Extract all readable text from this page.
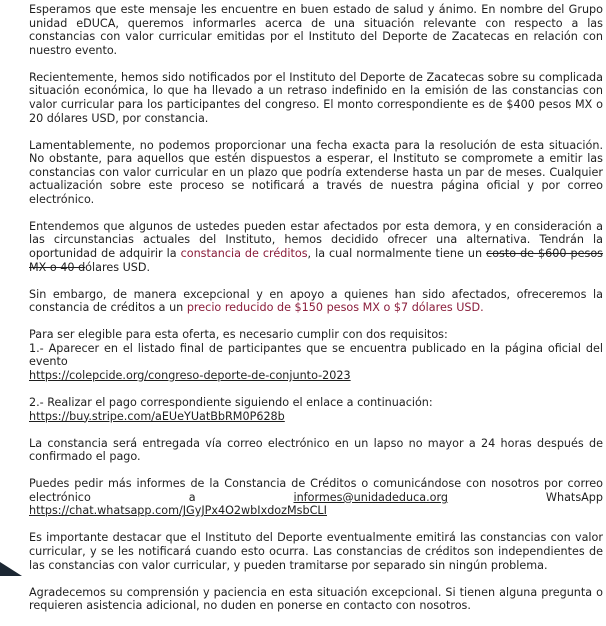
Esperamos que este mensaje les encuentre en buen estado de salud y ánimo. En nombre del Grupo unidad eDUCA, queremos informarles acerca de una situación relevante con respecto a las constancias con valor curricular emitidas por el Instituto del Deporte de Zacatecas en relación con nuestro evento.

Recientemente, hemos sido notificados por el Instituto del Deporte de Zacatecas sobre su complicada situación económica, lo que ha llevado a un retraso indefinido en la emisión de las constancias con valor curricular para los participantes del congreso. El monto correspondiente es de $400 pesos MX o 20 dólares USD, por constancia.

Lamentablemente, no podemos proporcionar una fecha exacta para la resolución de esta situación. No obstante, para aquellos que estén dispuestos a esperar, el Instituto se compromete a emitir las constancias con valor curricular en un plazo que podría extenderse hasta un par de meses. Cualquier actualización sobre este proceso se notificará a través de nuestra página oficial y por correo electrónico.

Entendemos que algunos de ustedes pueden estar afectados por esta demora, y en consideración a las circunstancias actuales del Instituto, hemos decidido ofrecer una alternativa. Tendrán la oportunidad de adquirir la constancia de créditos, la cual normalmente tiene un costo de $600 pesos MX o 40 dólares USD.

Sin embargo, de manera excepcional y en apoyo a quienes han sido afectados, ofreceremos la constancia de créditos a un precio reducido de $150 pesos MX o $7 dólares USD.

Para ser elegible para esta oferta, es necesario cumplir con dos requisitos:
1.- Aparecer en el listado final de participantes que se encuentra publicado en la página oficial del evento
https://colepcide.org/congreso-deporte-de-conjunto-2023

2.- Realizar el pago correspondiente siguiendo el enlace a continuación:
https://buy.stripe.com/aEUeYUatBbRM0P628b

La constancia será entregada vía correo electrónico en un lapso no mayor a 24 horas después de confirmado el pago.

Puedes pedir más informes de la Constancia de Créditos o comunicándose con nosotros por correo electrónico a informes@unidadeduca.org WhatsApp https://chat.whatsapp.com/JGyJPx4O2wbIxdozMsbCLI

Es importante destacar que el Instituto del Deporte eventualmente emitirá las constancias con valor curricular, y se les notificará cuando esto ocurra. Las constancias de créditos son independientes de las constancias con valor curricular, y pueden tramitarse por separado sin ningún problema.

Agradecemos su comprensión y paciencia en esta situación excepcional. Si tienen alguna pregunta o requieren asistencia adicional, no duden en ponerse en contacto con nosotros.
